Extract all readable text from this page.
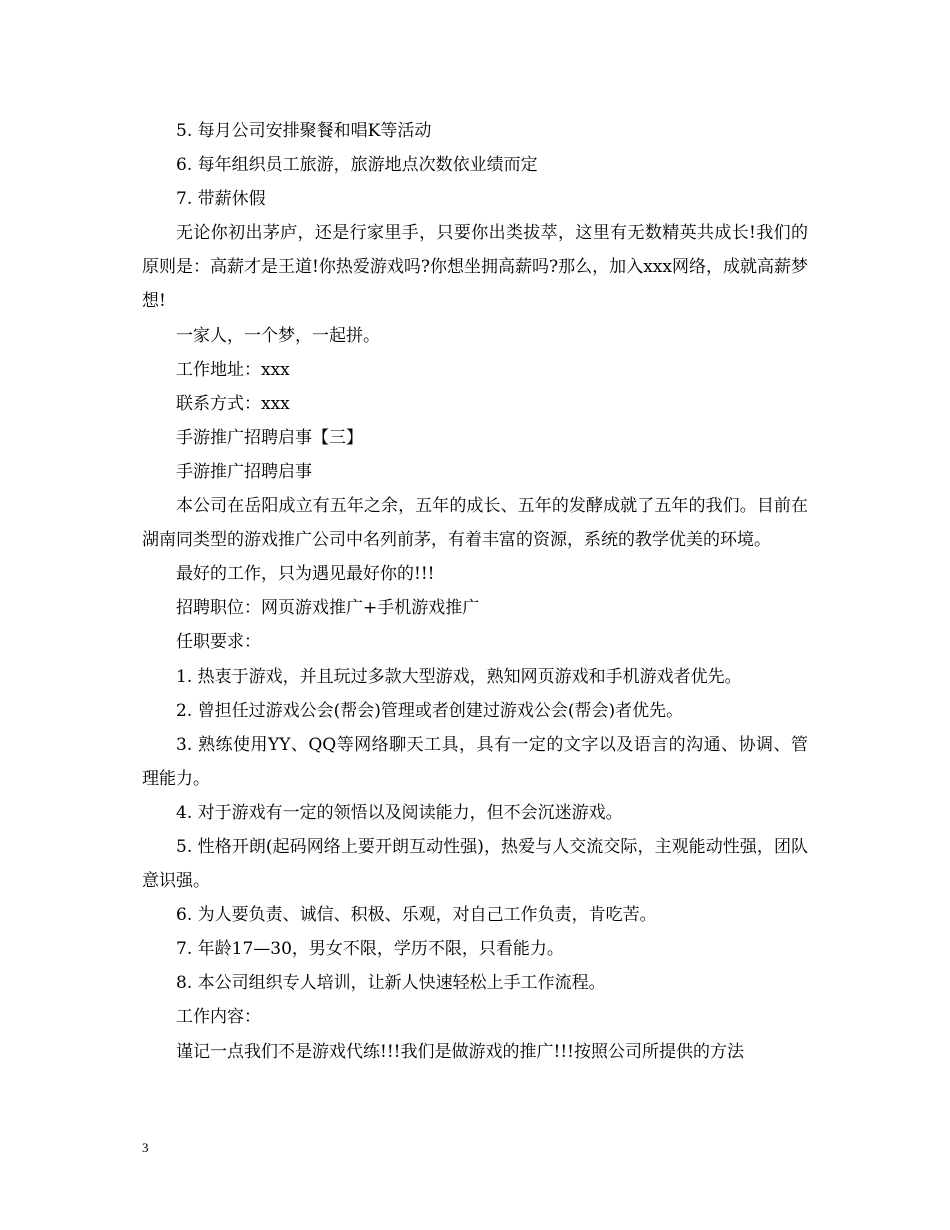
5. 每月公司安排聚餐和唱K等活动

6. 每年组织员工旅游，旅游地点次数依业绩而定

7. 带薪休假

无论你初出茅庐，还是行家里手，只要你出类拔萃，这里有无数精英共成长!我们的原则是：高薪才是王道!你热爱游戏吗?你想坐拥高薪吗?那么，加入xxx网络，成就高薪梦想!

一家人，一个梦，一起拼。

工作地址：xxx

联系方式：xxx

手游推广招聘启事【三】

手游推广招聘启事

本公司在岳阳成立有五年之余，五年的成长、五年的发酵成就了五年的我们。目前在湖南同类型的游戏推广公司中名列前茅，有着丰富的资源，系统的教学优美的环境。

最好的工作，只为遇见最好你的!!!

招聘职位：网页游戏推广+手机游戏推广

任职要求：

1. 热衷于游戏，并且玩过多款大型游戏，熟知网页游戏和手机游戏者优先。

2. 曾担任过游戏公会(帮会)管理或者创建过游戏公会(帮会)者优先。

3. 熟练使用YY、QQ等网络聊天工具，具有一定的文字以及语言的沟通、协调、管理能力。

4. 对于游戏有一定的领悟以及阅读能力，但不会沉迷游戏。

5. 性格开朗(起码网络上要开朗互动性强)，热爱与人交流交际，主观能动性强，团队意识强。

6. 为人要负责、诚信、积极、乐观，对自己工作负责，肯吃苦。

7. 年龄17—30，男女不限，学历不限，只看能力。

8. 本公司组织专人培训，让新人快速轻松上手工作流程。

工作内容：

谨记一点我们不是游戏代练!!!我们是做游戏的推广!!!按照公司所提供的方法

3
